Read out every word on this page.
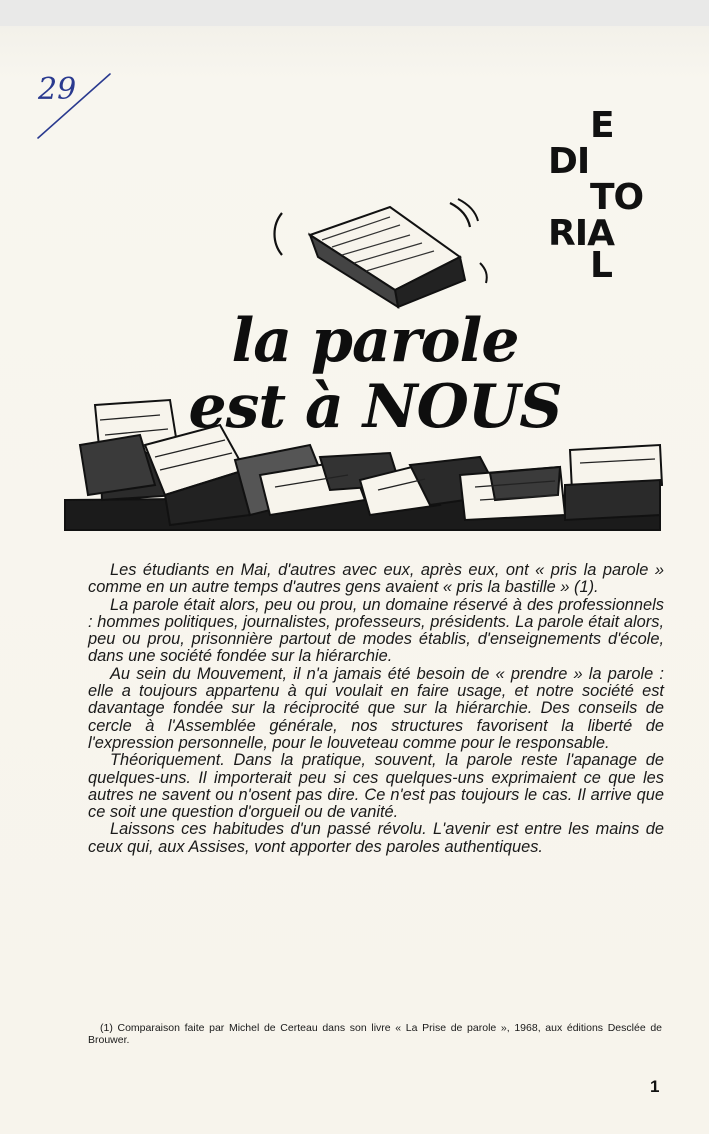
29
E
DI
TO
RIA
L
la parole
est à NOUS

Les étudiants en Mai, d'autres avec eux, après eux, ont « pris la parole » comme en un autre temps d'autres gens avaient « pris la bastille » (1).

La parole était alors, peu ou prou, un domaine réservé à des professionnels : hommes politiques, journalistes, professeurs, présidents. La parole était alors, peu ou prou, prisonnière partout de modes établis, d'enseignements d'école, dans une société fondée sur la hiérarchie.

Au sein du Mouvement, il n'a jamais été besoin de « prendre » la parole : elle a toujours appartenu à qui voulait en faire usage, et notre société est davantage fondée sur la réciprocité que sur la hiérarchie. Des conseils de cercle à l'Assemblée générale, nos structures favorisent la liberté de l'expression personnelle, pour le louveteau comme pour le responsable.

Théoriquement. Dans la pratique, souvent, la parole reste l'apanage de quelques-uns. Il importerait peu si ces quelques-uns exprimaient ce que les autres ne savent ou n'osent pas dire. Ce n'est pas toujours le cas. Il arrive que ce soit une question d'orgueil ou de vanité.

Laissons ces habitudes d'un passé révolu. L'avenir est entre les mains de ceux qui, aux Assises, vont apporter des paroles authentiques.

(1) Comparaison faite par Michel de Certeau dans son livre « La Prise de parole », 1968, aux éditions Desclée de Brouwer.
1
